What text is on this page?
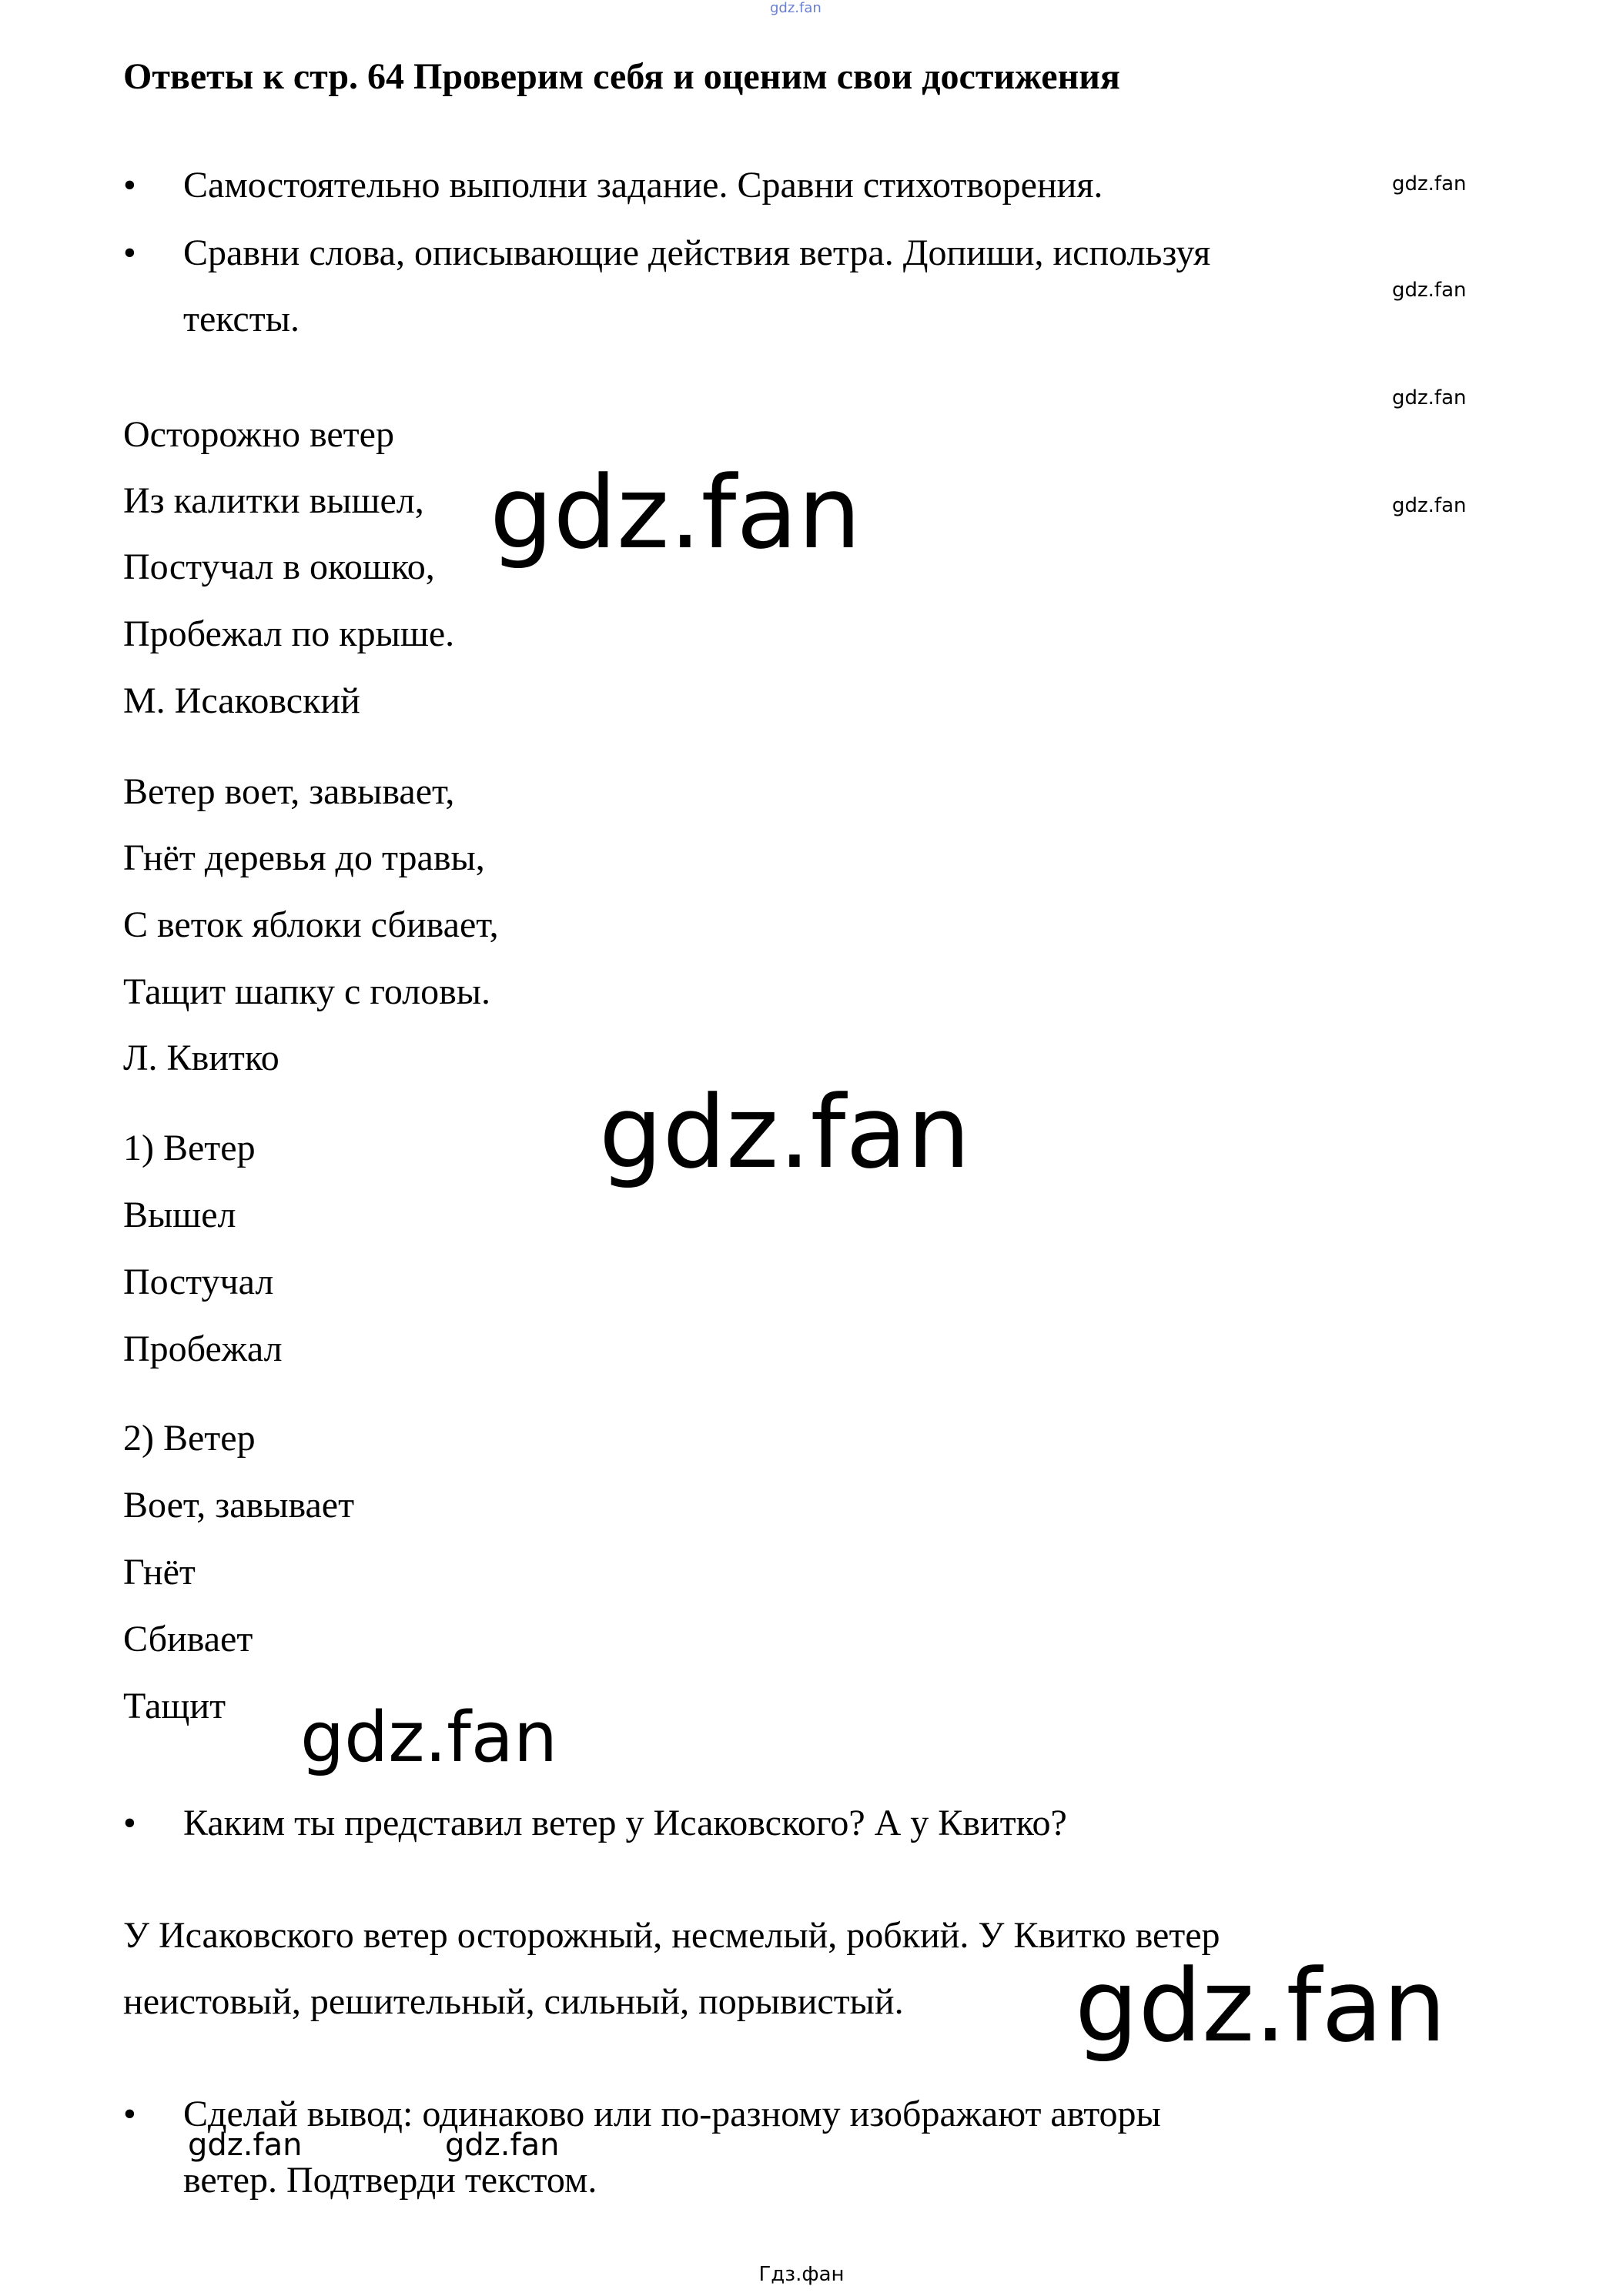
gdz.fan
Ответы к стр. 64 Проверим себя и оценим свои достижения
• Самостоятельно выполни задание. Сравни стихотворения.
• Сравни слова, описывающие действия ветра. Допиши, используя
тексты.
Осторожно ветер
Из калитки вышел,
Постучал в окошко,
Пробежал по крыше.
М. Исаковский
Ветер воет, завывает,
Гнёт деревья до травы,
С веток яблоки сбивает,
Тащит шапку с головы.
Л. Квитко
1) Ветер
Вышел
Постучал
Пробежал
2) Ветер
Воет, завывает
Гнёт
Сбивает
Тащит
• Каким ты представил ветер у Исаковского? А у Квитко?
У Исаковского ветер осторожный, несмелый, робкий. У Квитко ветер
неистовый, решительный, сильный, порывистый.
• Сделай вывод: одинаково или по-разному изображают авторы
ветер. Подтверди текстом.
gdz.fan
gdz.fan
gdz.fan
gdz.fan
gdz.fan	gdz.fan
gdz.fan
gdz.fan
gdz.fan
gdz.fan
Гдз.фан
